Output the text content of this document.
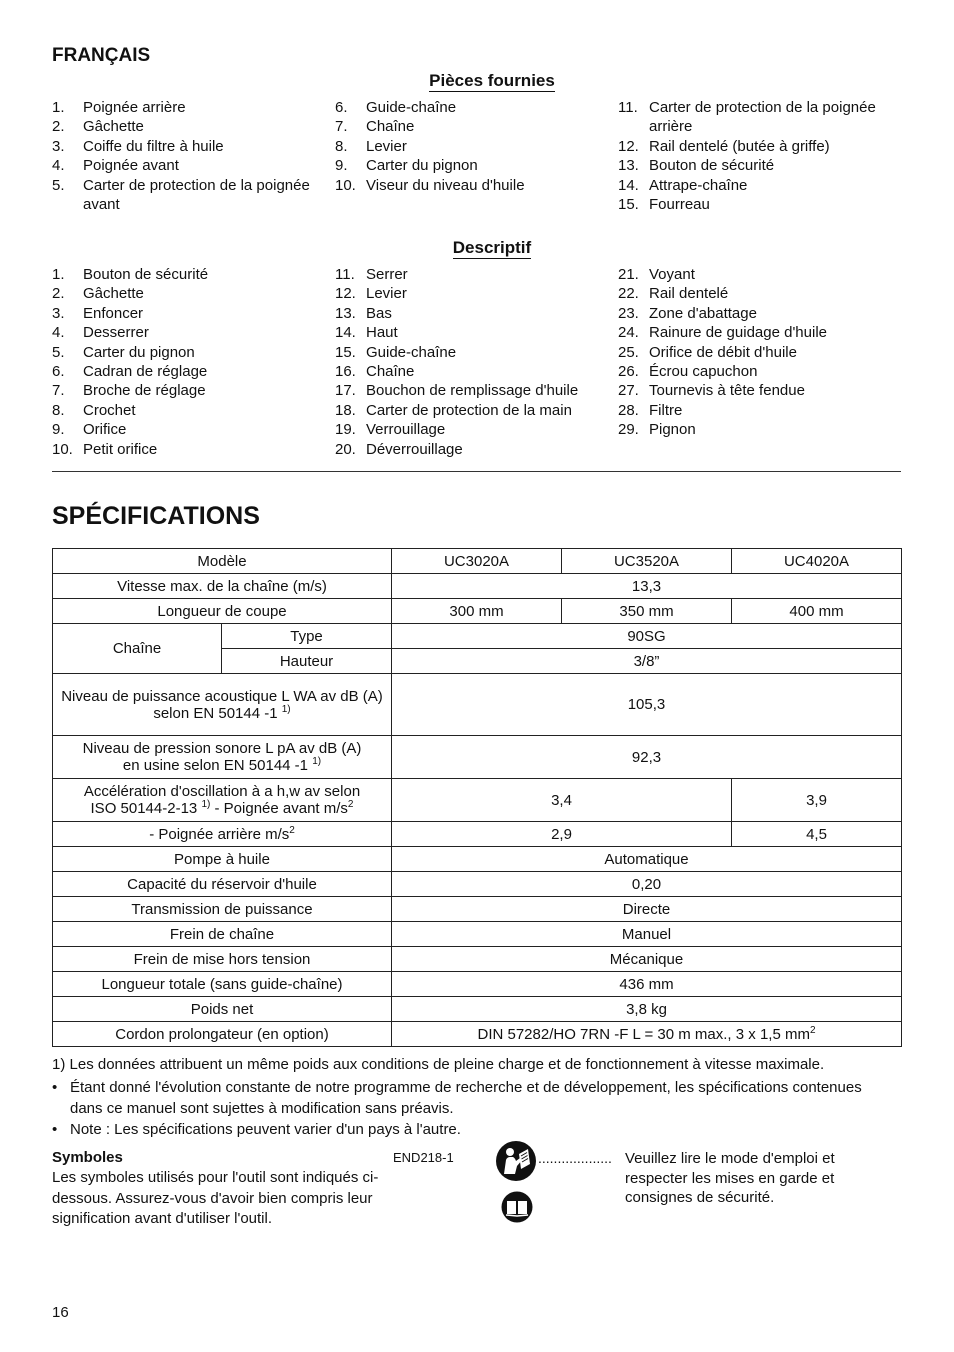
FRANÇAIS
Pièces fournies
1. Poignée arrière
2. Gâchette
3. Coiffe du filtre à huile
4. Poignée avant
5. Carter de protection de la poignée avant
6. Guide-chaîne
7. Chaîne
8. Levier
9. Carter du pignon
10. Viseur du niveau d'huile
11. Carter de protection de la poignée arrière
12. Rail dentelé (butée à griffe)
13. Bouton de sécurité
14. Attrape-chaîne
15. Fourreau
Descriptif
1. Bouton de sécurité
2. Gâchette
3. Enfoncer
4. Desserrer
5. Carter du pignon
6. Cadran de réglage
7. Broche de réglage
8. Crochet
9. Orifice
10. Petit orifice
11. Serrer
12. Levier
13. Bas
14. Haut
15. Guide-chaîne
16. Chaîne
17. Bouchon de remplissage d'huile
18. Carter de protection de la main
19. Verrouillage
20. Déverrouillage
21. Voyant
22. Rail dentelé
23. Zone d'abattage
24. Rainure de guidage d'huile
25. Orifice de débit d'huile
26. Écrou capuchon
27. Tournevis à tête fendue
28. Filtre
29. Pignon
SPÉCIFICATIONS
Modèle		UC3020A	UC3520A	UC4020A
Vitesse max. de la chaîne (m/s)		13,3		
Longueur de coupe		300 mm	350 mm	400 mm
Chaîne	Type	90SG		
	Hauteur	3/8”		
Niveau de puissance acoustique L WA av dB (A)
selon EN 50144 -1 $^{1)}$		105,3		
Niveau de pression sonore L pA av dB (A)
en usine selon EN 50144 -1 $^{1)}$		92,3		
Accélération d'oscillation à a h,w av selon
ISO 50144-2-13 $^{1)}$ - Poignée avant $m/s^2$		3,4		3,9
- Poignée arrière $m/s^2$		2,9		4,5
Pompe à huile		Automatique		
Capacité du réservoir d'huile		0,20		
Transmission de puissance		Directe		
Frein de chaîne		Manuel		
Frein de mise hors tension		Mécanique		
Longueur totale (sans guide-chaîne)		436 mm		
Poids net		3,8 kg		
Cordon prolongateur (en option)		DIN 57282/HO 7RN -F L = 30 m max., 3 x 1,5 $mm^2$
1) Les données attribuent un même poids aux conditions de pleine charge et de fonctionnement à vitesse maximale.
• Étant donné l'évolution constante de notre programme de recherche et de développement, les spécifications contenues dans ce manuel sont sujettes à modification sans préavis.
• Note : Les spécifications peuvent varier d'un pays à l'autre.
Symboles	END218-1
Les symboles utilisés pour l'outil sont indiqués ci-dessous. Assurez-vous d'avoir bien compris leur signification avant d'utiliser l'outil.
................... Veuillez lire le mode d'emploi et respecter les mises en garde et consignes de sécurité.
16
